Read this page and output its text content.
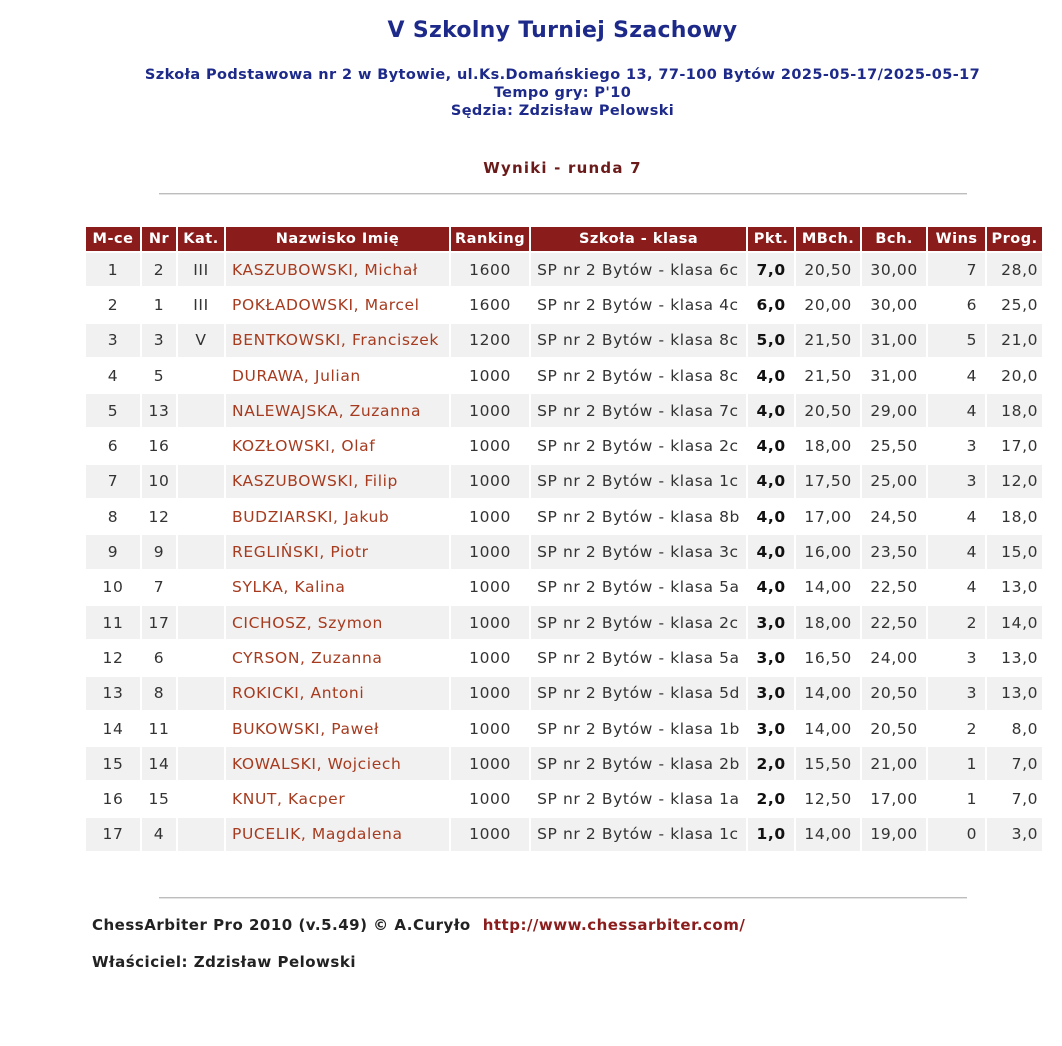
V Szkolny Turniej Szachowy
Szkoła Podstawowa nr 2 w Bytowie, ul.Ks.Domańskiego 13, 77-100 Bytów 2025-05-17/2025-05-17
Tempo gry: P'10
Sędzia: Zdzisław Pelowski
Wyniki - runda 7
M-ce	Nr	Kat.	Nazwisko Imię	Ranking	Szkoła - klasa	Pkt.	MBch.	Bch.	Wins	Prog.
1	2	III	KASZUBOWSKI, Michał	1600	SP nr 2 Bytów - klasa 6c	7,0	20,50	30,00	7	28,0
2	1	III	POKŁADOWSKI, Marcel	1600	SP nr 2 Bytów - klasa 4c	6,0	20,00	30,00	6	25,0
3	3	V	BENTKOWSKI, Franciszek	1200	SP nr 2 Bytów - klasa 8c	5,0	21,50	31,00	5	21,0
4	5		DURAWA, Julian	1000	SP nr 2 Bytów - klasa 8c	4,0	21,50	31,00	4	20,0
5	13		NALEWAJSKA, Zuzanna	1000	SP nr 2 Bytów - klasa 7c	4,0	20,50	29,00	4	18,0
6	16		KOZŁOWSKI, Olaf	1000	SP nr 2 Bytów - klasa 2c	4,0	18,00	25,50	3	17,0
7	10		KASZUBOWSKI, Filip	1000	SP nr 2 Bytów - klasa 1c	4,0	17,50	25,00	3	12,0
8	12		BUDZIARSKI, Jakub	1000	SP nr 2 Bytów - klasa 8b	4,0	17,00	24,50	4	18,0
9	9		REGLIŃSKI, Piotr	1000	SP nr 2 Bytów - klasa 3c	4,0	16,00	23,50	4	15,0
10	7		SYLKA, Kalina	1000	SP nr 2 Bytów - klasa 5a	4,0	14,00	22,50	4	13,0
11	17		CICHOSZ, Szymon	1000	SP nr 2 Bytów - klasa 2c	3,0	18,00	22,50	2	14,0
12	6		CYRSON, Zuzanna	1000	SP nr 2 Bytów - klasa 5a	3,0	16,50	24,00	3	13,0
13	8		ROKICKI, Antoni	1000	SP nr 2 Bytów - klasa 5d	3,0	14,00	20,50	3	13,0
14	11		BUKOWSKI, Paweł	1000	SP nr 2 Bytów - klasa 1b	3,0	14,00	20,50	2	8,0
15	14		KOWALSKI, Wojciech	1000	SP nr 2 Bytów - klasa 2b	2,0	15,50	21,00	1	7,0
16	15		KNUT, Kacper	1000	SP nr 2 Bytów - klasa 1a	2,0	12,50	17,00	1	7,0
17	4		PUCELIK, Magdalena	1000	SP nr 2 Bytów - klasa 1c	1,0	14,00	19,00	0	3,0
ChessArbiter Pro 2010 (v.5.49) © A.Curyło http://www.chessarbiter.com/
Właściciel: Zdzisław Pelowski
